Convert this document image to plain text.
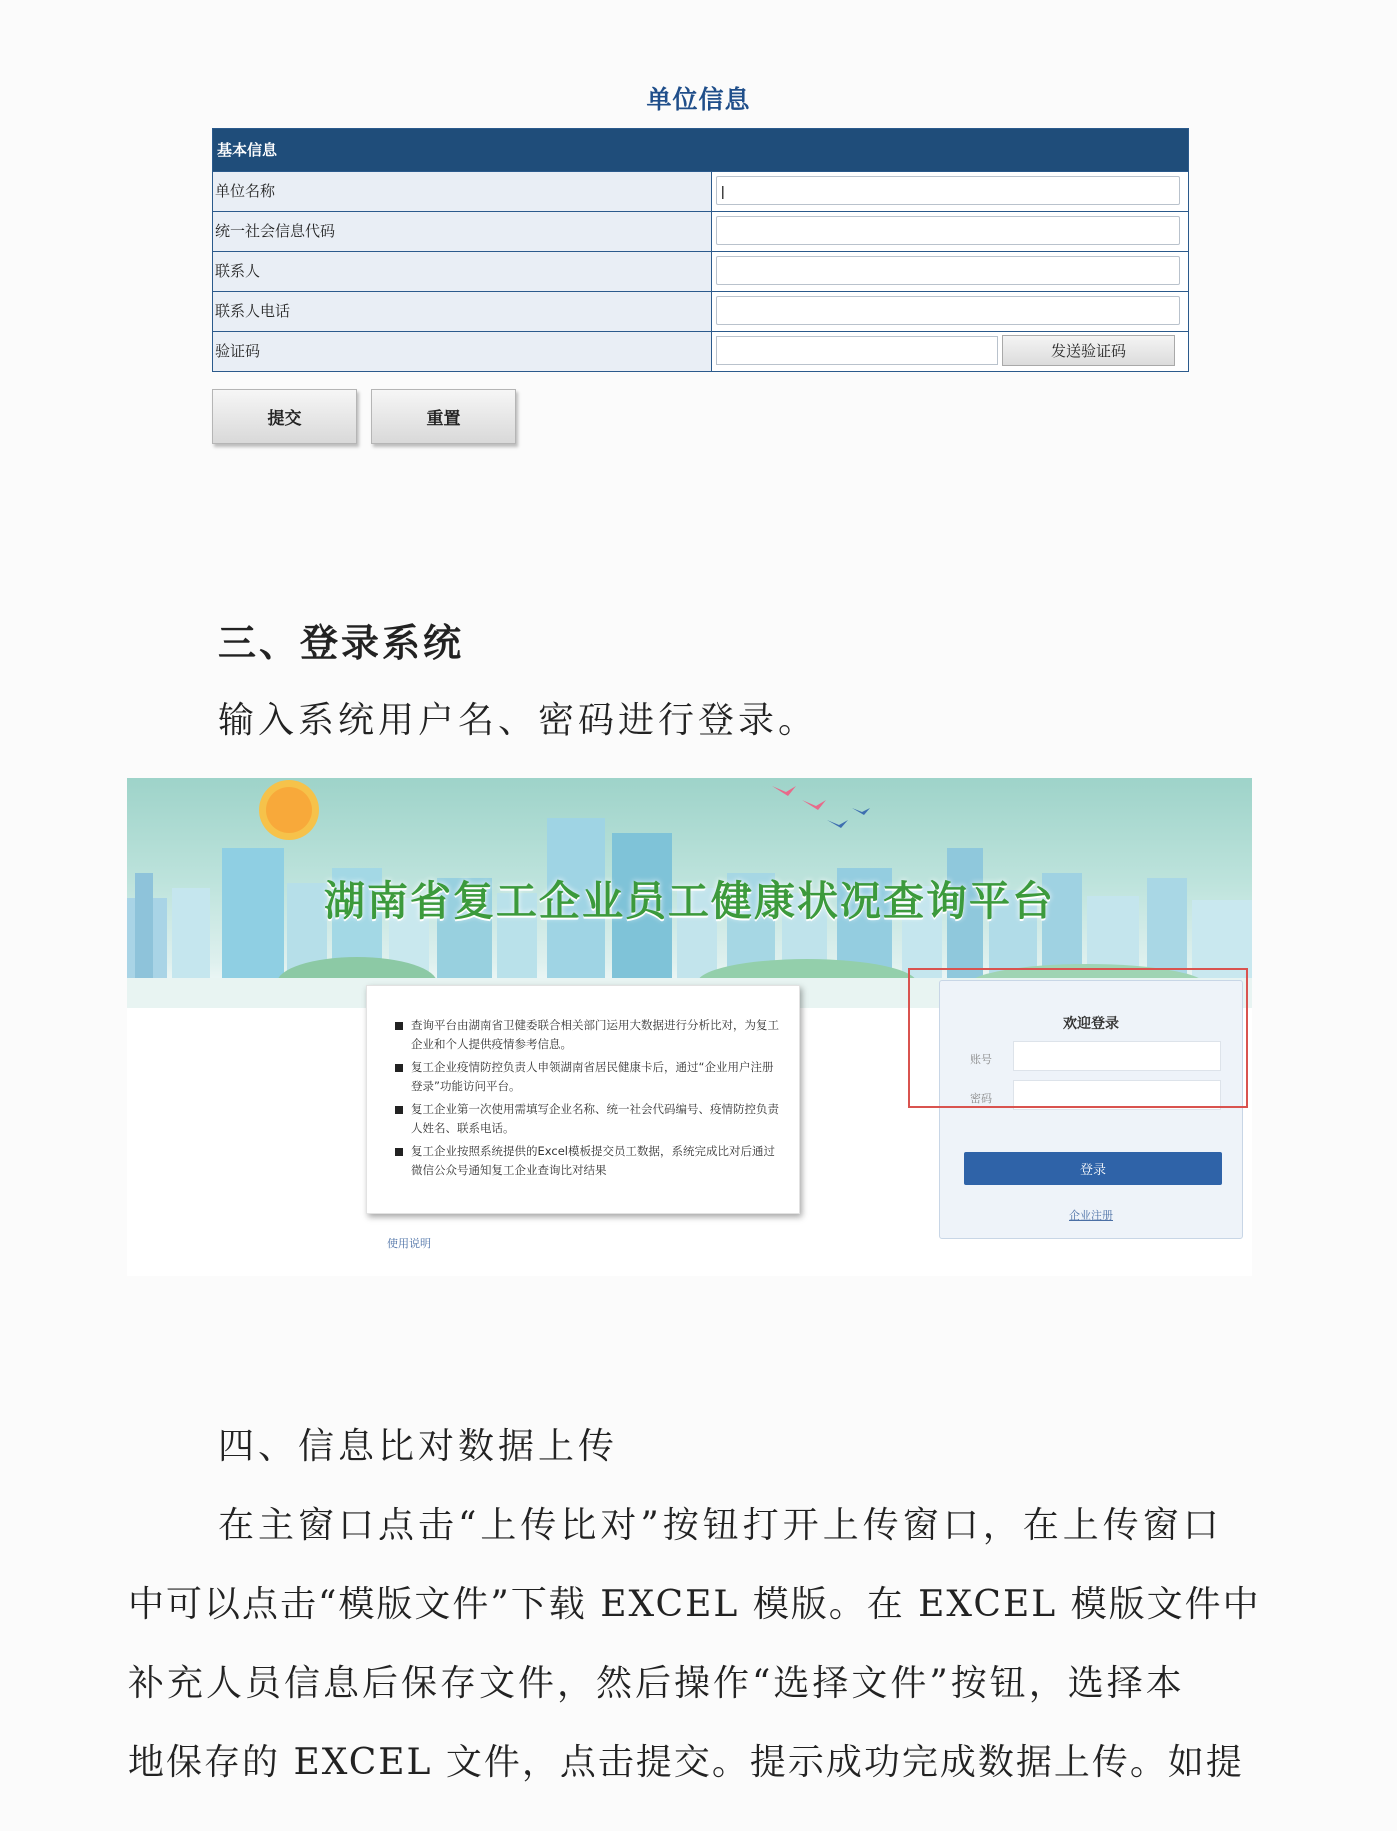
单位信息
基本信息
单位名称
|
统一社会信息代码
联系人
联系人电话
验证码	发送验证码
提交	重置
三、登录系统
输入系统用户名、密码进行登录。
湖南省复工企业员工健康状况查询平台
查询平台由湖南省卫健委联合相关部门运用大数据进行分析比对，为复工企业和个人提供疫情参考信息。
复工企业疫情防控负责人申领湖南省居民健康卡后，通过“企业用户注册登录”功能访问平台。
复工企业第一次使用需填写企业名称、统一社会代码编号、疫情防控负责人姓名、联系电话。
复工企业按照系统提供的Excel模板提交员工数据，系统完成比对后通过微信公众号通知复工企业查询比对结果
使用说明
欢迎登录
账号
密码
登录
企业注册
四、信息比对数据上传
在主窗口点击“上传比对”按钮打开上传窗口，在上传窗口
中可以点击“模版文件”下载 EXCEL 模版。在 EXCEL 模版文件中
补充人员信息后保存文件，然后操作“选择文件”按钮，选择本
地保存的 EXCEL 文件，点击提交。提示成功完成数据上传。如提
